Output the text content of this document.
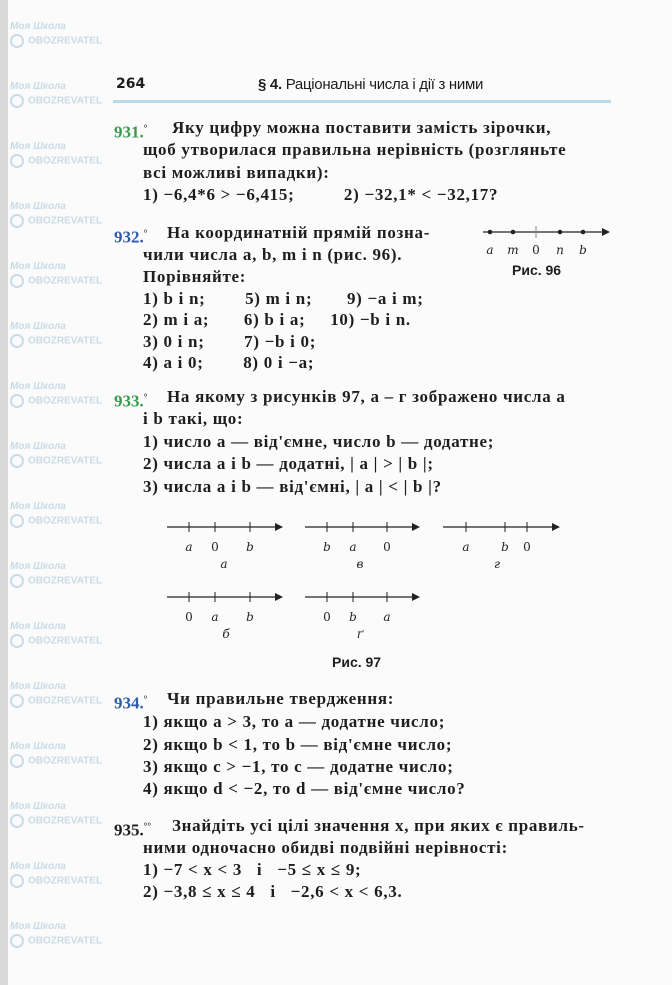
Моя Школа
OBOZREVATEL
Моя Школа
OBOZREVATEL
Моя Школа
OBOZREVATEL
Моя Школа
OBOZREVATEL
Моя Школа
OBOZREVATEL
Моя Школа
OBOZREVATEL
Моя Школа
OBOZREVATEL
Моя Школа
OBOZREVATEL
Моя Школа
OBOZREVATEL
Моя Школа
OBOZREVATEL
Моя Школа
OBOZREVATEL
Моя Школа
OBOZREVATEL
Моя Школа
OBOZREVATEL
Моя Школа
OBOZREVATEL
Моя Школа
OBOZREVATEL
Моя Школа
OBOZREVATEL
264	§ 4. Раціональні числа і дії з ними
931.° Яку цифру можна поставити замість зірочки,
щоб утворилася правильна нерівність (розгляньте
всі можливі випадки):
1) −6,4*6 > −6,415;          2) −32,1* < −32,17?
932.° На координатній прямій позна-
чили числа a, b, m і n (рис. 96).
Порівняйте:
1) b і n;        5) m і n;       9) −a і m;
2) m і a;       6) b і a;     10) −b і n.
3) 0 і n;        7) −b і 0;
4) a і 0;        8) 0 і −a;
933.° На якому з рисунків 97, а – г зображено числа a
і b такі, що:
1) число a — від'ємне, число b — додатне;
2) числа a і b — додатні, | a | > | b |;
3) числа a і b — від'ємні, | a | < | b |?
934.° Чи правильне твердження:
1) якщо a > 3, то a — додатне число;
2) якщо b < 1, то b — від'ємне число;
3) якщо c > −1, то c — додатне число;
4) якщо d < −2, то d — від'ємне число?
935.°° Знайдіть усі цілі значення x, при яких є правиль-
ними одночасно обидві подвійні нерівності:
1) −7 < x < 3   і   −5 ≤ x ≤ 9;
2) −3,8 ≤ x ≤ 4   і   −2,6 < x < 6,3.
a m 0 n b
a 0 b
а
b a 0
в
a	b 0
г
0 a b
б
0 b a
ґ
Рис. 96
Рис. 97
